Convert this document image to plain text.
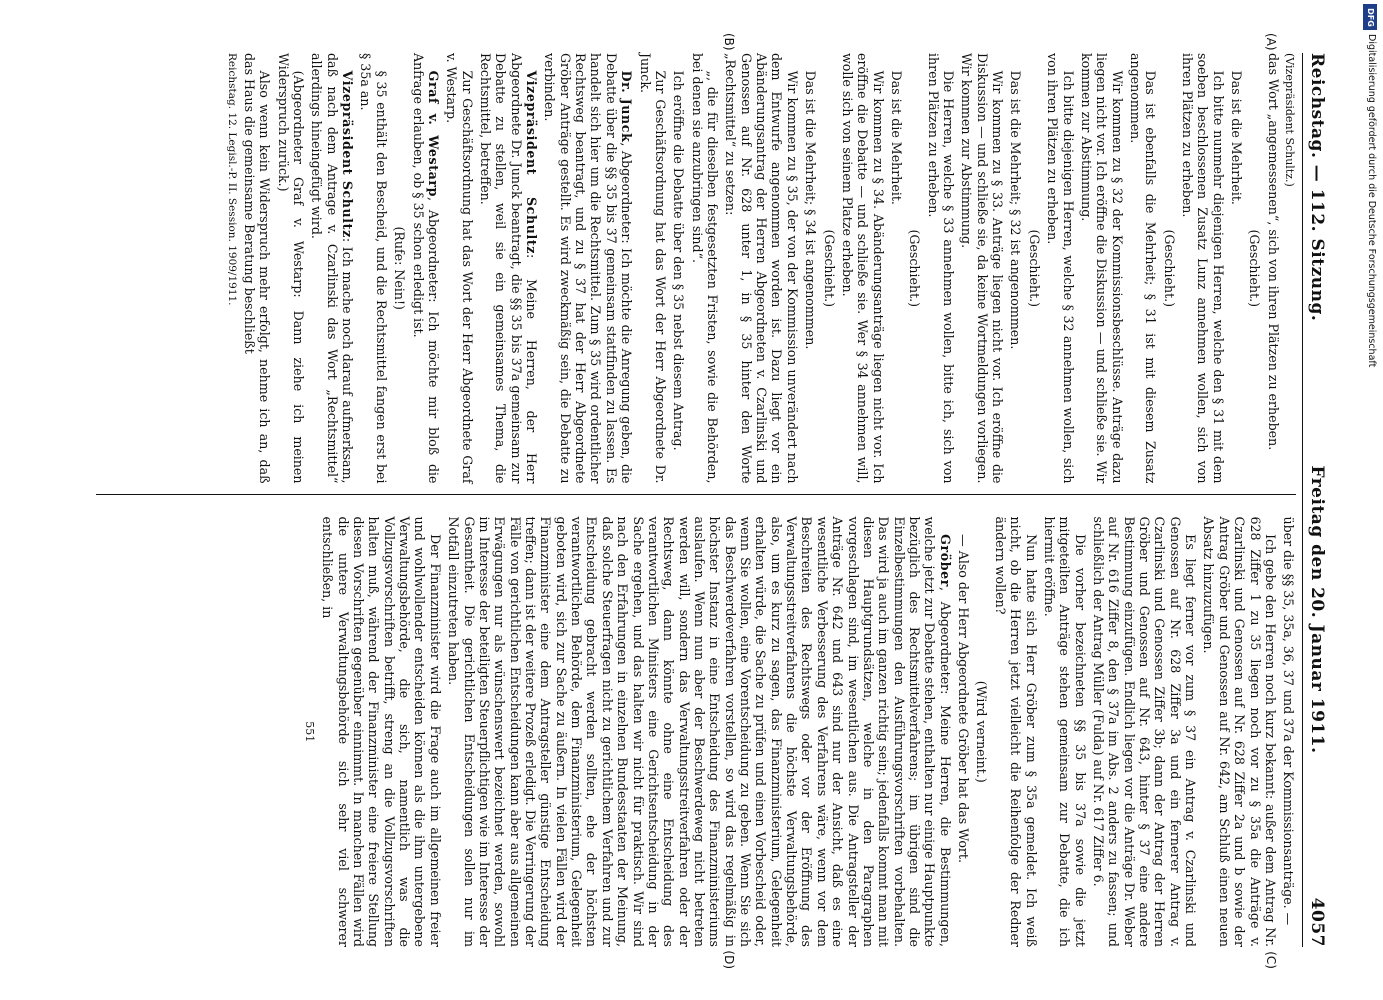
Reichstag. — 112. Sitzung.
Freitag den 20. Januar 1911.
4057
(A)
(B)
(Vizepräsident Schultz.)

das Wort „angemessenen“, sich von ihren Plätzen zu erheben.

(Geschieht.)

Das ist die Mehrheit.

Ich bitte nunmehr diejenigen Herren, welche den § 31 mit dem soeben beschlossenen Zusatz Lunz annehmen wollen, sich von ihren Plätzen zu erheben.

(Geschieht.)

Das ist ebenfalls die Mehrheit; § 31 ist mit diesem Zusatz angenommen.

Wir kommen zu § 32 der Kommissionsbeschlüsse. Anträge dazu liegen nicht vor. Ich eröffne die Diskussion — und schließe sie. Wir kommen zur Abstimmung.

Ich bitte diejenigen Herren, welche § 32 annehmen wollen, sich von ihren Plätzen zu erheben.

(Geschieht.)

Das ist die Mehrheit; § 32 ist angenommen.

Wir kommen zu § 33. Anträge liegen nicht vor. Ich eröffne die Diskussion — und schließe sie, da keine Wortmeldungen vorliegen. Wir kommen zur Abstimmung.

Die Herren, welche § 33 annehmen wollen, bitte ich, sich von ihren Plätzen zu erheben.

(Geschieht.)

Das ist die Mehrheit.

Wir kommen zu § 34. Abänderungsanträge liegen nicht vor. Ich eröffne die Debatte — und schließe sie. Wer § 34 annehmen will, wolle sich von seinem Platze erheben.

(Geschieht.)

Das ist die Mehrheit; § 34 ist angenommen.

Wir kommen zu § 35, der von der Kommission unverändert nach dem Entwurfe angenommen worden ist. Dazu liegt vor ein Abänderungsantrag der Herren Abgeordneten v. Czarlinski und Genossen auf Nr. 628 unter 1, in § 35 hinter den Worte „Rechtsmittel“ zu setzen:

„, die für dieselben festgesetzten Fristen, sowie die Behörden, bei denen sie anzubringen sind“.

Ich eröffne die Debatte über den § 35 nebst diesem Antrag.

Zur Geschäftsordnung hat das Wort der Herr Abgeordnete Dr. Junck.

Dr. Junck, Abgeordneter: Ich möchte die Anregung geben, die Debatte über die §§ 35 bis 37 gemeinsam stattfinden zu lassen. Es handelt sich hier um die Rechtsmittel. Zum § 35 wird ordentlicher Rechtsweg beantragt, und zu § 37 hat der Herr Abgeordnete Gröber Anträge gestellt. Es wird zweckmäßig sein, die Debatte zu verbinden.

Vizepräsident Schultz: Meine Herren, der Herr Abgeordnete Dr. Junck beantragt, die §§ 35 bis 37a gemeinsam zur Debatte zu stellen, weil sie ein gemeinsames Thema, die Rechtsmittel, betreffen.

Zur Geschäftsordnung hat das Wort der Herr Abgeordnete Graf v. Westarp.

Graf v. Westarp, Abgeordneter: Ich möchte mir bloß die Anfrage erlauben, ob § 35 schon erledigt ist.

(Rufe: Nein!)

§ 35 enthält den Bescheid, und die Rechtsmittel fangen erst bei § 35a an.

Vizepräsident Schultz: Ich mache noch darauf aufmerksam, daß nach dem Antrage v. Czarlinski das Wort „Rechtsmittel“ allerdings hineingefügt wird.

(Abgeordneter Graf v. Westarp: Dann ziehe ich meinen Widerspruch zurück.)

Also wenn kein Widerspruch mehr erfolgt, nehme ich an, daß das Haus die gemeinsame Beratung beschließt

Reichstag. 12. Legisl.-P. II. Session. 1909/1911.
(C)
(D)

über die §§ 35, 35a, 36, 37 und 37a der Kommissionsanträge. —

Ich gebe den Herren noch kurz bekannt: außer dem Antrag Nr. 628 Ziffer 1 zu 35 liegen noch vor zu § 35a die Anträge v. Czarlinski und Genossen auf Nr. 628 Ziffer 2a und b sowie der Antrag Gröber und Genossen auf Nr. 642, am Schluß einen neuen Absatz hinzuzufügen.

Es liegt ferner vor zum § 37 ein Antrag v. Czarlinski und Genossen auf Nr. 628 Ziffer 3a und ein fernerer Antrag v. Czarlinski und Genossen Ziffer 3b; dann der Antrag der Herren Gröber und Genossen auf Nr. 643, hinter § 37 eine andere Bestimmung einzufügen. Endlich liegen vor die Anträge Dr. Weber auf Nr. 616 Ziffer 8, den § 37a im Abs. 2 anders zu fassen; und schließlich der Antrag Müller (Fulda) auf Nr. 617 Ziffer 6.

Die vorher bezeichneten §§ 35 bis 37a sowie die jetzt mitgeteilten Anträge stehen gemeinsam zur Debatte, die ich hiermit eröffne.

Nun hatte sich Herr Gröber zum § 35a gemeldet. Ich weiß nicht, ob die Herren jetzt vielleicht die Reihenfolge der Redner ändern wollen?

(Wird verneint.)

— Also der Herr Abgeordnete Gröber hat das Wort.

Gröber, Abgeordneter: Meine Herren, die Bestimmungen, welche jetzt zur Debatte stehen, enthalten nur einige Hauptpunkte bezüglich des Rechtsmittelverfahrens; im übrigen sind die Einzelbestimmungen den Ausführungsvorschriften vorbehalten. Das wird ja auch im ganzen richtig sein; jedenfalls kommt man mit diesen Hauptgrundsätzen, welche in den Paragraphen vorgeschlagen sind, im wesentlichen aus. Die Antragsteller der Anträge Nr. 642 und 643 sind nur der Ansicht, daß es eine wesentliche Verbesserung des Verfahrens wäre, wenn vor dem Beschreiten des Rechtswegs oder vor der Eröffnung des Verwaltungsstreitverfahrens die höchste Verwaltungsbehörde, also, um es kurz zu sagen, das Finanzministerium, Gelegenheit erhalten würde, die Sache zu prüfen und einen Vorbescheid oder, wenn Sie wollen, eine Vorentscheidung zu geben. Wenn Sie sich das Beschwerdeverfahren vorstellen, so wird das regelmäßig in höchster Instanz in eine Entscheidung des Finanzministeriums auslaufen. Wenn nun aber der Beschwerdeweg nicht betreten werden will, sondern das Verwaltungsstreitverfahren oder der Rechtsweg, dann könnte ohne eine Entscheidung des verantwortlichen Ministers eine Gerichtsentscheidung in der Sache ergehen, und das halten wir nicht für praktisch. Wir sind nach den Erfahrungen in einzelnen Bundesstaaten der Meinung, daß solche Steuerfragen nicht zu gerichtlichem Verfahren und zur Entscheidung gebracht werden sollten, ehe der höchsten verantwortlichen Behörde, dem Finanzministerium, Gelegenheit geboten wird, sich zur Sache zu äußern. In vielen Fällen wird der Finanzminister eine dem Antragsteller günstige Entscheidung treffen; dann ist der weitere Prozeß erledigt. Die Verringerung der Fälle von gerichtlichen Entscheidungen kann aber aus allgemeinen Erwägungen nur als wünschenswert bezeichnet werden, sowohl im Interesse der beteiligten Steuerpflichtigen wie im Interesse der Gesamtheit. Die gerichtlichen Entscheidungen sollen nur im Notfall einzutreten haben.

Der Finanzminister wird die Frage auch im allgemeinen freier und wohlwollender entscheiden können als die ihm untergebene Verwaltungsbehörde, die sich, namentlich was die Vollzugsvorschriften betrifft, streng an die Vollzugsvorschriften halten muß, während der Finanzminister eine freiere Stellung diesen Vorschriften gegenüber einnimmt. In manchen Fällen wird die untere Verwaltungsbehörde sich sehr viel schwerer entschließen, in

551
DFG
Digitalisierung gefördert durch die Deutsche Forschungsgemeinschaft
